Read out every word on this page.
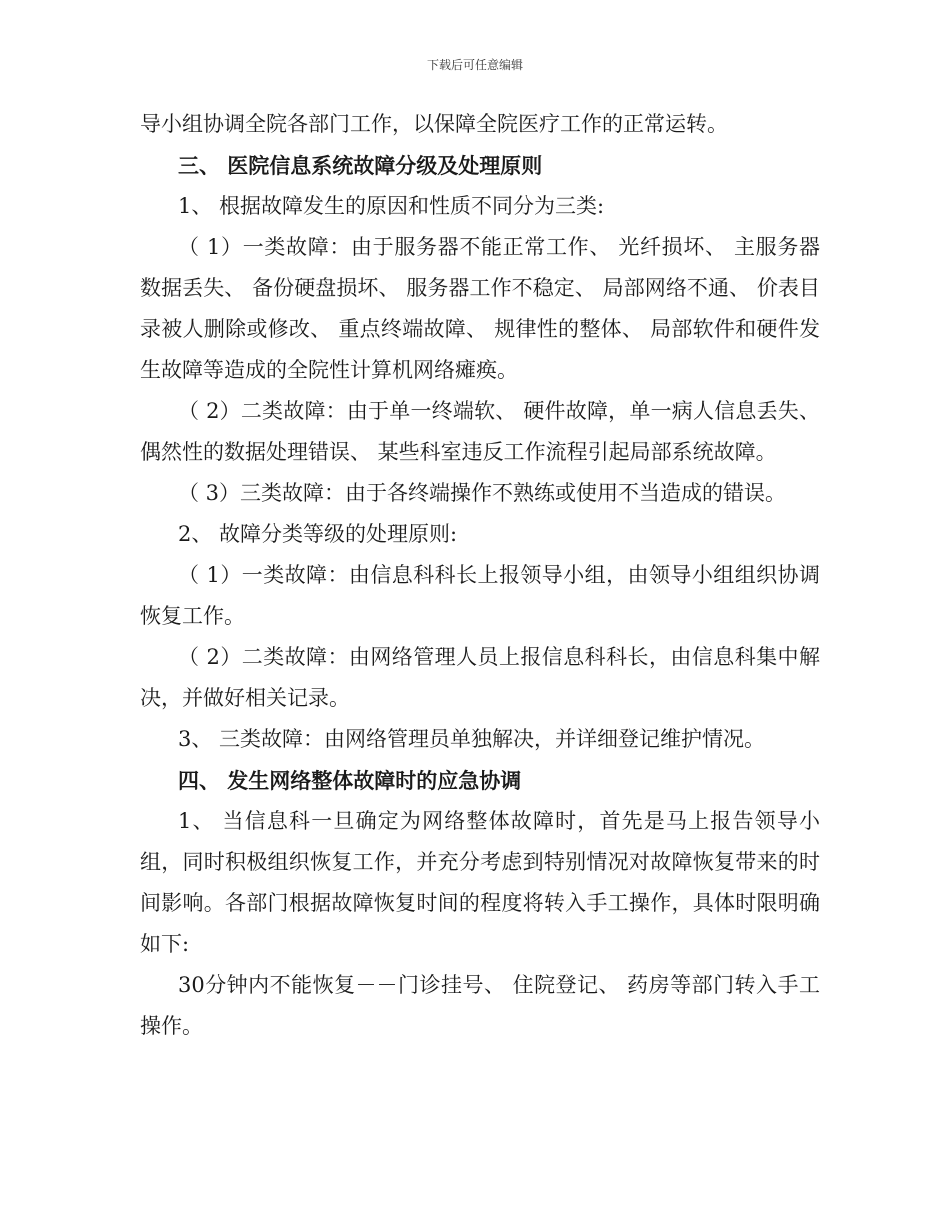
下载后可任意编辑

导小组协调全院各部门工作，以保障全院医疗工作的正常运转。

三、 医院信息系统故障分级及处理原则

1、 根据故障发生的原因和性质不同分为三类:

（ 1）一类故障：由于服务器不能正常工作、 光纤损坏、 主服务器数据丢失、 备份硬盘损坏、 服务器工作不稳定、 局部网络不通、 价表目录被人删除或修改、 重点终端故障、 规律性的整体、 局部软件和硬件发生故障等造成的全院性计算机网络瘫痪。

（ 2）二类故障：由于单一终端软、 硬件故障，单一病人信息丢失、 偶然性的数据处理错误、 某些科室违反工作流程引起局部系统故障。

（ 3）三类故障：由于各终端操作不熟练或使用不当造成的错误。

2、 故障分类等级的处理原则:

（ 1）一类故障：由信息科科长上报领导小组，由领导小组组织协调恢复工作。

（ 2）二类故障：由网络管理人员上报信息科科长，由信息科集中解决，并做好相关记录。

3、 三类故障：由网络管理员单独解决，并详细登记维护情况。

四、 发生网络整体故障时的应急协调

1、 当信息科一旦确定为网络整体故障时，首先是马上报告领导小组，同时积极组织恢复工作，并充分考虑到特别情况对故障恢复带来的时间影响。各部门根据故障恢复时间的程度将转入手工操作，具体时限明确如下:

30分钟内不能恢复－－门诊挂号、 住院登记、 药房等部门转入手工操作。
